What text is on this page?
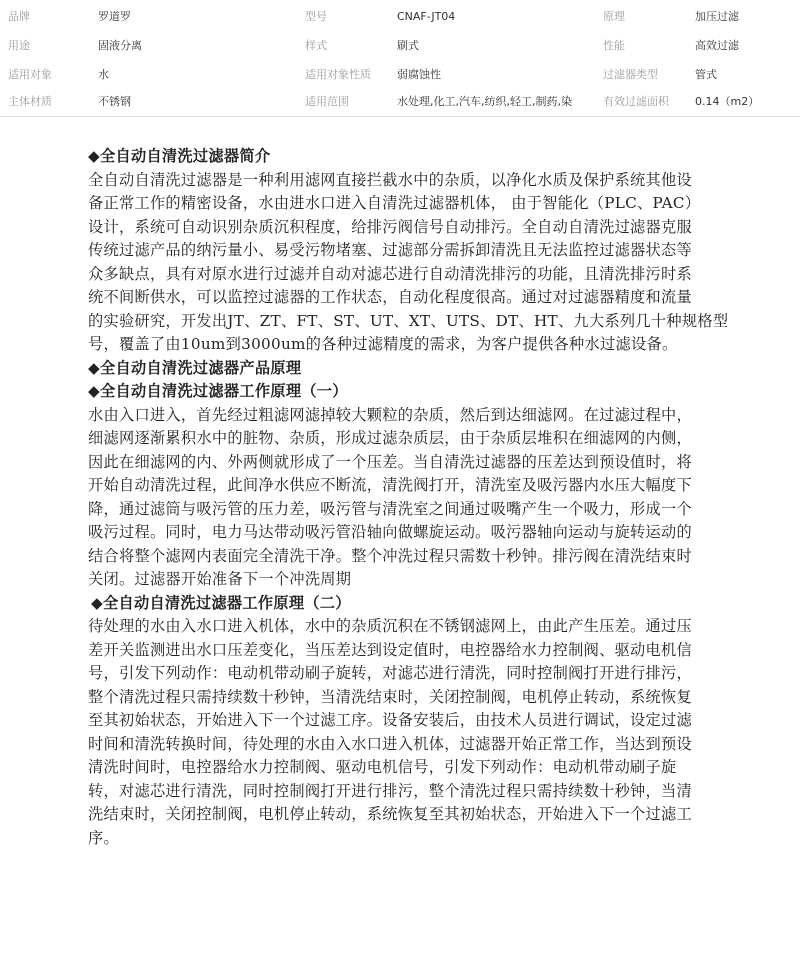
品牌	罗道罗	型号	CNAF-JT04	原理	加压过滤
用途	固液分离	样式	刷式	性能	高效过滤
适用对象	水	适用对象性质 弱腐蚀性	过滤器类型	管式
主体材质	不锈钢	适用范围	水处理,化工,汽车,纺织,轻工,制药,染	有效过滤面积 0.14（m2）
◆全自动自清洗过滤器简介

全自动自清洗过滤器是一种利用滤网直接拦截水中的杂质，以净化水质及保护系统其他设
备正常工作的精密设备，水由进水口进入自清洗过滤器机体， 由于智能化（PLC、PAC）
设计，系统可自动识别杂质沉积程度，给排污阀信号自动排污。全自动自清洗过滤器克服
传统过滤产品的纳污量小、易受污物堵塞、过滤部分需拆卸清洗且无法监控过滤器状态等
众多缺点，具有对原水进行过滤并自动对滤芯进行自动清洗排污的功能，且清洗排污时系
统不间断供水，可以监控过滤器的工作状态，自动化程度很高。通过对过滤器精度和流量
的实验研究，开发出JT、ZT、FT、ST、UT、XT、UTS、DT、HT、九大系列几十种规格型
号，覆盖了由10um到3000um的各种过滤精度的需求，为客户提供各种水过滤设备。

◆全自动自清洗过滤器产品原理
◆全自动自清洗过滤器工作原理（一）

水由入口进入，首先经过粗滤网滤掉较大颗粒的杂质，然后到达细滤网。在过滤过程中，
细滤网逐渐累积水中的脏物、杂质，形成过滤杂质层，由于杂质层堆积在细滤网的内侧，
因此在细滤网的内、外两侧就形成了一个压差。当自清洗过滤器的压差达到预设值时，将
开始自动清洗过程，此间净水供应不断流，清洗阀打开，清洗室及吸污器内水压大幅度下
降，通过滤筒与吸污管的压力差，吸污管与清洗室之间通过吸嘴产生一个吸力，形成一个
吸污过程。同时，电力马达带动吸污管沿轴向做螺旋运动。吸污器轴向运动与旋转运动的
结合将整个滤网内表面完全清洗干净。整个冲洗过程只需数十秒钟。排污阀在清洗结束时
关闭。过滤器开始准备下一个冲洗周期

◆全自动自清洗过滤器工作原理（二）

待处理的水由入水口进入机体，水中的杂质沉积在不锈钢滤网上，由此产生压差。通过压
差开关监测进出水口压差变化，当压差达到设定值时，电控器给水力控制阀、驱动电机信
号，引发下列动作：电动机带动刷子旋转，对滤芯进行清洗，同时控制阀打开进行排污，
整个清洗过程只需持续数十秒钟，当清洗结束时，关闭控制阀，电机停止转动，系统恢复
至其初始状态，开始进入下一个过滤工序。设备安装后，由技术人员进行调试，设定过滤
时间和清洗转换时间，待处理的水由入水口进入机体，过滤器开始正常工作，当达到预设
清洗时间时，电控器给水力控制阀、驱动电机信号，引发下列动作：电动机带动刷子旋
转，对滤芯进行清洗，同时控制阀打开进行排污，整个清洗过程只需持续数十秒钟，当清
洗结束时，关闭控制阀，电机停止转动，系统恢复至其初始状态，开始进入下一个过滤工
序。
